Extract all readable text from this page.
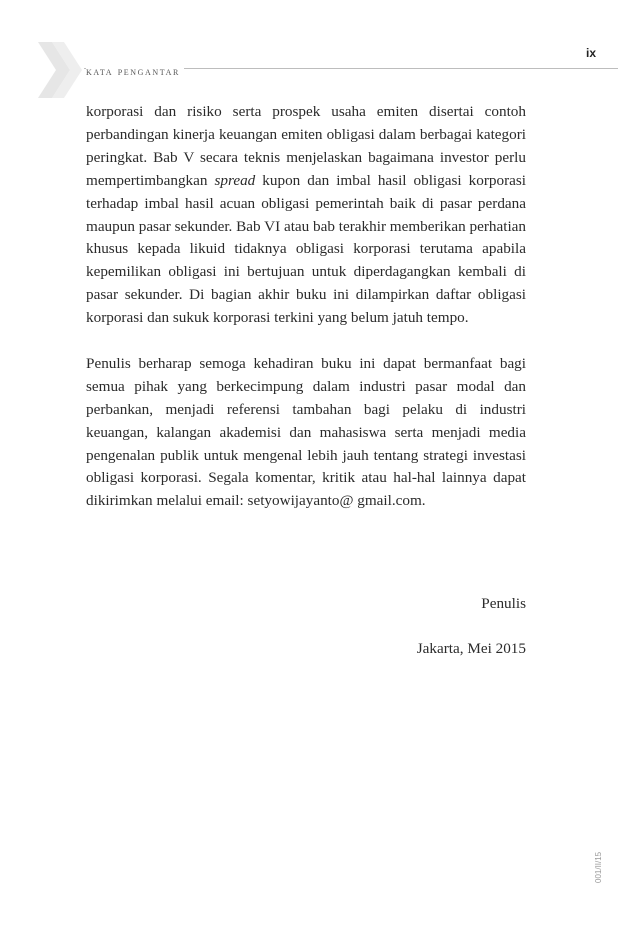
kata pengantar
ix

korporasi dan risiko serta prospek usaha emiten disertai contoh perbandingan kinerja keuangan emiten obligasi dalam berbagai kategori peringkat. Bab V secara teknis menjelaskan bagaimana investor perlu mempertimbangkan spread kupon dan imbal hasil obligasi korporasi terhadap imbal hasil acuan obligasi pemerintah baik di pasar perdana maupun pasar sekunder. Bab VI atau bab terakhir memberikan perhatian khusus kepada likuid tidaknya obligasi korporasi terutama apabila kepemilikan obligasi ini bertujuan untuk diperdagangkan kembali di pasar sekunder. Di bagian akhir buku ini dilampirkan daftar obligasi korporasi dan sukuk korporasi terkini yang belum jatuh tempo.

Penulis berharap semoga kehadiran buku ini dapat bermanfaat bagi semua pihak yang berkecimpung dalam industri pasar modal dan perbankan, menjadi referensi tambahan bagi pelaku di industri keuangan, kalangan akademisi dan mahasiswa serta menjadi media pengenalan publik untuk mengenal lebih jauh tentang strategi investasi obligasi korporasi. Segala komentar, kritik atau hal-hal lainnya dapat dikirimkan melalui email: setyowijayanto@ gmail.com.

Penulis
Jakarta, Mei 2015
001/II/15
